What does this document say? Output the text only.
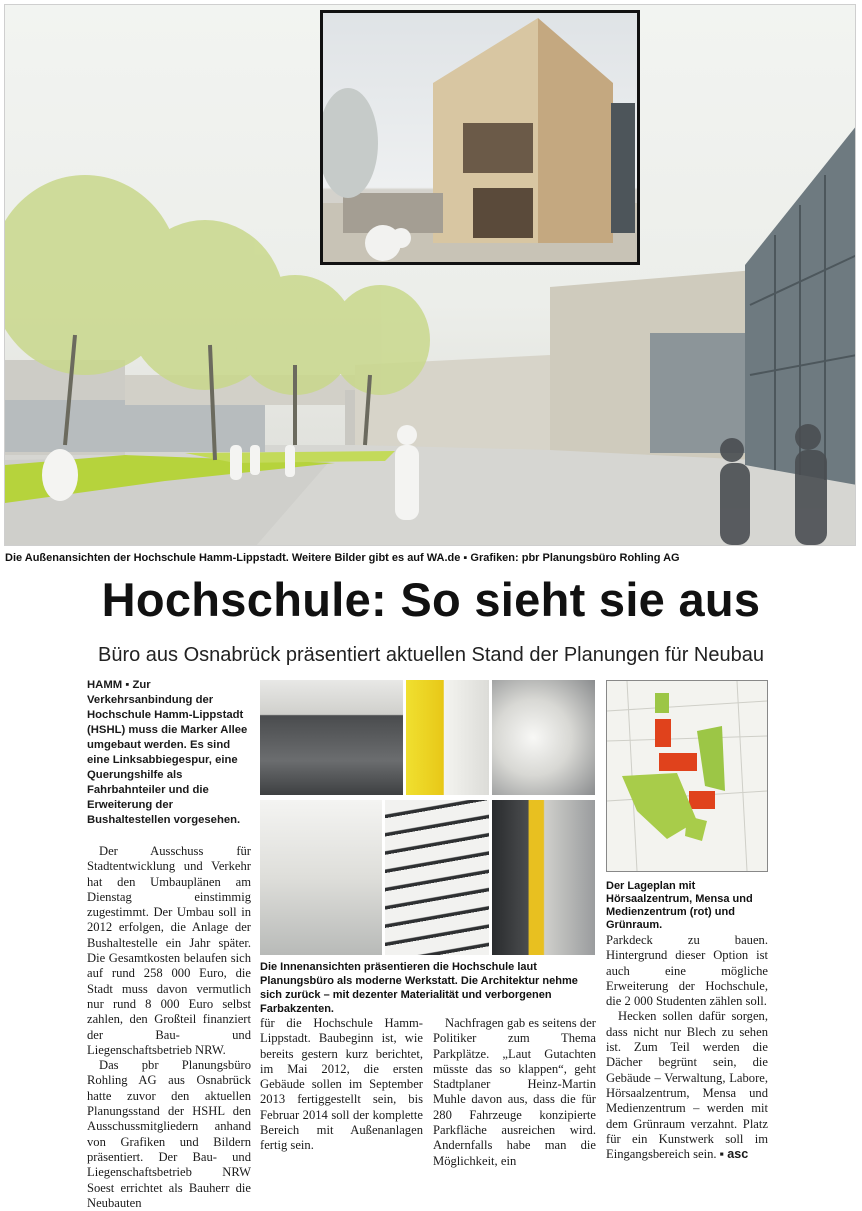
Die Außenansichten der Hochschule Hamm-Lippstadt. Weitere Bilder gibt es auf WA.de ▪ Grafiken: pbr Planungsbüro Rohling AG
Hochschule: So sieht sie aus
Büro aus Osnabrück präsentiert aktuellen Stand der Planungen für Neubau
HAMM ▪ Zur Verkehrsanbindung der Hochschule Hamm-Lippstadt (HSHL) muss die Marker Allee umgebaut werden. Es sind eine Linksabbiegespur, eine Querungshilfe als Fahrbahnteiler und die Erweiterung der Bushaltestellen vorgesehen.

Der Ausschuss für Stadtentwicklung und Verkehr hat den Umbauplänen am Dienstag einstimmig zugestimmt. Der Umbau soll in 2012 erfolgen, die Anlage der Bushaltestelle ein Jahr später. Die Gesamtkosten belaufen sich auf rund 258 000 Euro, die Stadt muss davon vermutlich nur rund 8 000 Euro selbst zahlen, den Großteil finanziert der Bau- und Liegenschaftsbetrieb NRW.

Das pbr Planungsbüro Rohling AG aus Osnabrück hatte zuvor den aktuellen Planungsstand der HSHL den Ausschussmitgliedern anhand von Grafiken und Bildern präsentiert. Der Bau- und Liegenschaftsbetrieb NRW Soest errichtet als Bauherr die Neubauten

Die Innenansichten präsentieren die Hochschule laut Planungsbüro als moderne Werkstatt. Die Architektur nehme sich zurück – mit dezenter Materialität und verborgenen Farbakzenten.
Der Lageplan mit Hörsaalzentrum, Mensa und Medienzentrum (rot) und Grünraum.

für die Hochschule Hamm-Lippstadt. Baubeginn ist, wie bereits gestern kurz berichtet, im Mai 2012, die ersten Gebäude sollen im September 2013 fertiggestellt sein, bis Februar 2014 soll der komplette Bereich mit Außenanlagen fertig sein.

Nachfragen gab es seitens der Politiker zum Thema Parkplätze. „Laut Gutachten müsste das so klappen“, geht Stadtplaner Heinz-Martin Muhle davon aus, dass die für 280 Fahrzeuge konzipierte Parkfläche ausreichen wird. Andernfalls habe man die Möglichkeit, ein

Parkdeck zu bauen. Hintergrund dieser Option ist auch eine mögliche Erweiterung der Hochschule, die 2 000 Studenten zählen soll.

Hecken sollen dafür sorgen, dass nicht nur Blech zu sehen ist. Zum Teil werden die Dächer begrünt sein, die Gebäude – Verwaltung, Labore, Hörsaalzentrum, Mensa und Medienzentrum – werden mit dem Grünraum verzahnt. Platz für ein Kunstwerk soll im Eingangsbereich sein. ▪ asc
